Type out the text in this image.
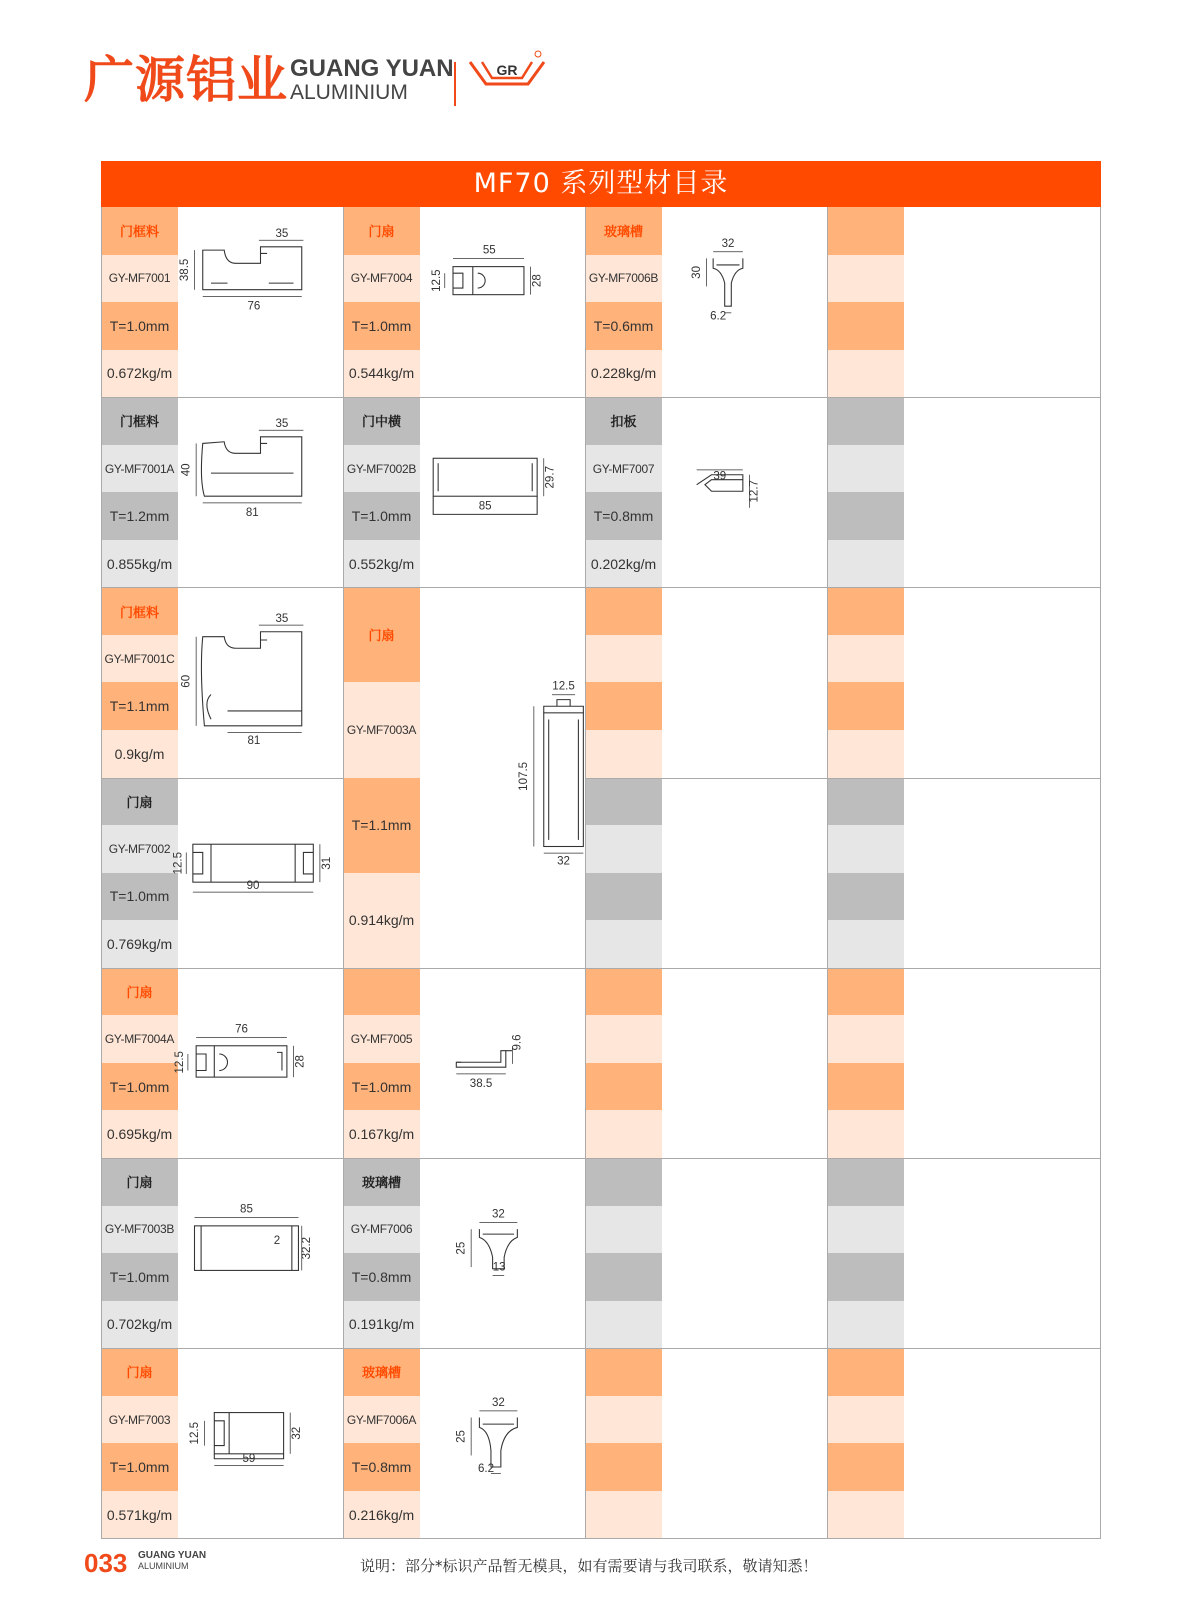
广源铝业 GUANG YUAN
ALUMINIUM
GR
MF70 系列型材目录
门框料
GY-MF7001
T=1.0mm
0.672kg/m
35
38.5
76
门扇
GY-MF7004
T=1.0mm
0.544kg/m
55
28
12.5
玻璃槽
GY-MF7006B
T=0.6mm
0.228kg/m
32
30
6.2
门框料
GY-MF7001A
T=1.2mm
0.855kg/m
35
40
81
门中横
GY-MF7002B
T=1.0mm
0.552kg/m
29.7
85
扣板
GY-MF7007
T=0.8mm
0.202kg/m
39
12.7
门框料
GY-MF7001C
T=1.1mm
0.9kg/m
35
60
81
门扇
GY-MF7003A
T=1.1mm
0.914kg/m
12.5
107.5
32
门扇
GY-MF7002
T=1.0mm
0.769kg/m
12.5	31
90
门扇
GY-MF7004A
T=1.0mm
0.695kg/m
76
12.5	28
GY-MF7005
T=1.0mm
0.167kg/m
9.6
38.5
门扇
GY-MF7003B
T=1.0mm
0.702kg/m
85
2 32.2
玻璃槽
GY-MF7006
T=0.8mm
0.191kg/m
32
25
13
门扇
GY-MF7003
T=1.0mm
0.571kg/m
12.5	32
59
玻璃槽
GY-MF7006A
T=0.8mm
0.216kg/m
32
25
6.2
033 GUANG YUAN
ALUMINIUM	说明：部分*标识产品暂无模具，如有需要请与我司联系，敬请知悉！
